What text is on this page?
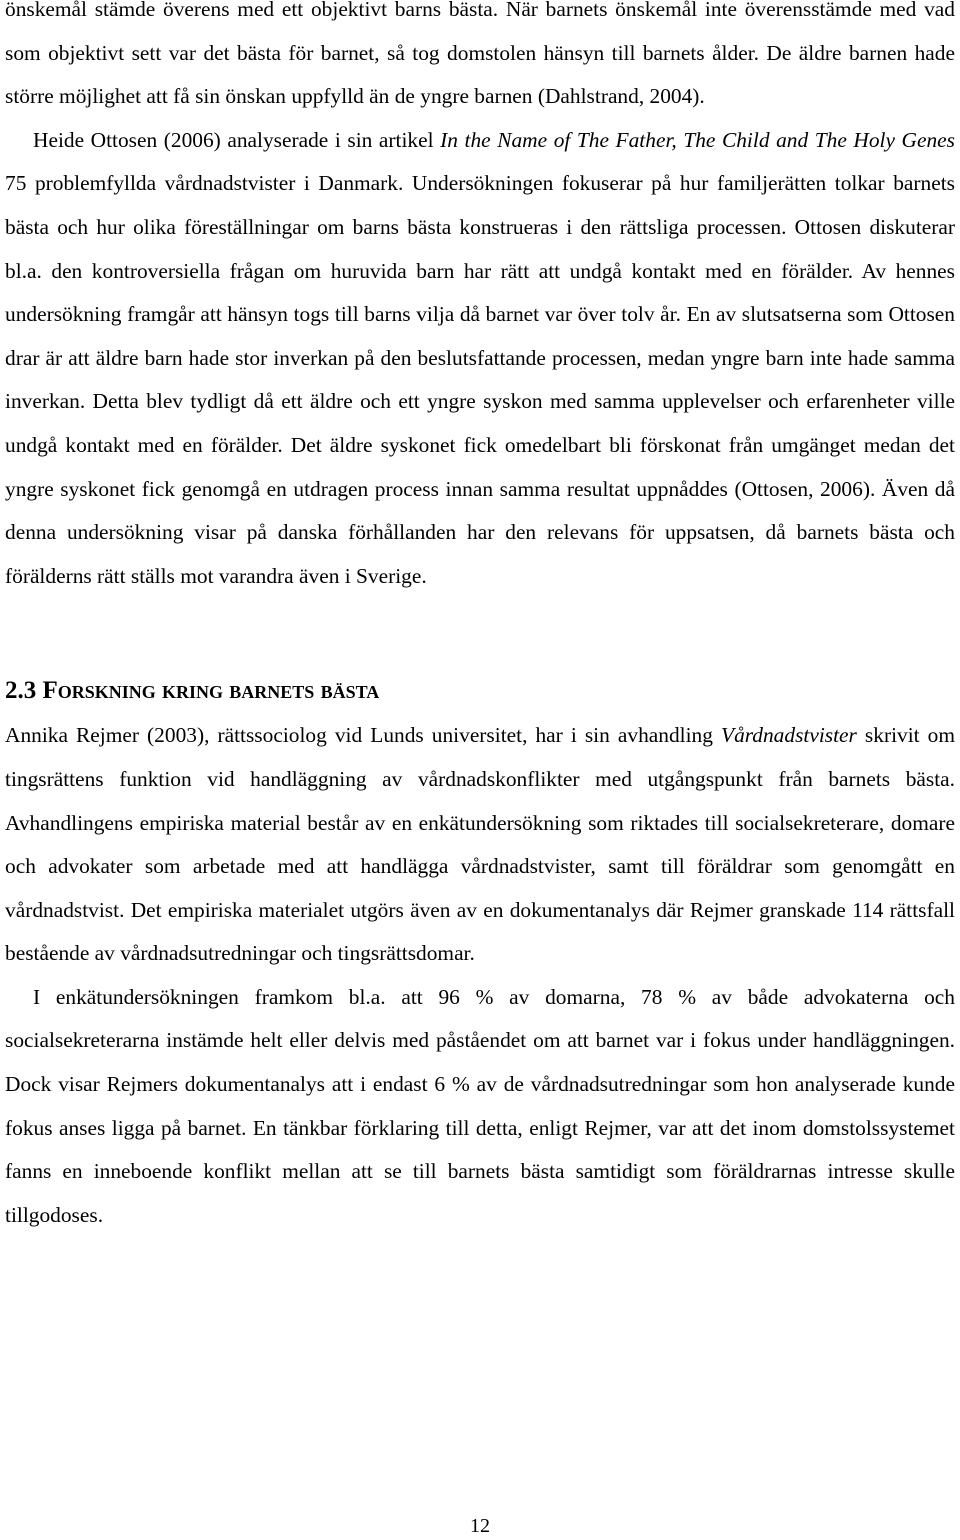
önskemål stämde överens med ett objektivt barns bästa. När barnets önskemål inte överensstämde med vad som objektivt sett var det bästa för barnet, så tog domstolen hänsyn till barnets ålder. De äldre barnen hade större möjlighet att få sin önskan uppfylld än de yngre barnen (Dahlstrand, 2004).

Heide Ottosen (2006) analyserade i sin artikel In the Name of The Father, The Child and The Holy Genes 75 problemfyllda vårdnadstvister i Danmark. Undersökningen fokuserar på hur familjerätten tolkar barnets bästa och hur olika föreställningar om barns bästa konstrueras i den rättsliga processen. Ottosen diskuterar bl.a. den kontroversiella frågan om huruvida barn har rätt att undgå kontakt med en förälder. Av hennes undersökning framgår att hänsyn togs till barns vilja då barnet var över tolv år. En av slutsatserna som Ottosen drar är att äldre barn hade stor inverkan på den beslutsfattande processen, medan yngre barn inte hade samma inverkan. Detta blev tydligt då ett äldre och ett yngre syskon med samma upplevelser och erfarenheter ville undgå kontakt med en förälder. Det äldre syskonet fick omedelbart bli förskonat från umgänget medan det yngre syskonet fick genomgå en utdragen process innan samma resultat uppnåddes (Ottosen, 2006). Även då denna undersökning visar på danska förhållanden har den relevans för uppsatsen, då barnets bästa och förälderns rätt ställs mot varandra även i Sverige.

2.3 Forskning kring barnets bästa

Annika Rejmer (2003), rättssociolog vid Lunds universitet, har i sin avhandling Vårdnadstvister skrivit om tingsrättens funktion vid handläggning av vårdnadskonflikter med utgångspunkt från barnets bästa. Avhandlingens empiriska material består av en enkätundersökning som riktades till socialsekreterare, domare och advokater som arbetade med att handlägga vårdnadstvister, samt till föräldrar som genomgått en vårdnadstvist. Det empiriska materialet utgörs även av en dokumentanalys där Rejmer granskade 114 rättsfall bestående av vårdnadsutredningar och tingsrättsdomar.

I enkätundersökningen framkom bl.a. att 96 % av domarna, 78 % av både advokaterna och socialsekreterarna instämde helt eller delvis med påståendet om att barnet var i fokus under handläggningen. Dock visar Rejmers dokumentanalys att i endast 6 % av de vårdnadsutredningar som hon analyserade kunde fokus anses ligga på barnet. En tänkbar förklaring till detta, enligt Rejmer, var att det inom domstolssystemet fanns en inneboende konflikt mellan att se till barnets bästa samtidigt som föräldrarnas intresse skulle tillgodoses.

12
